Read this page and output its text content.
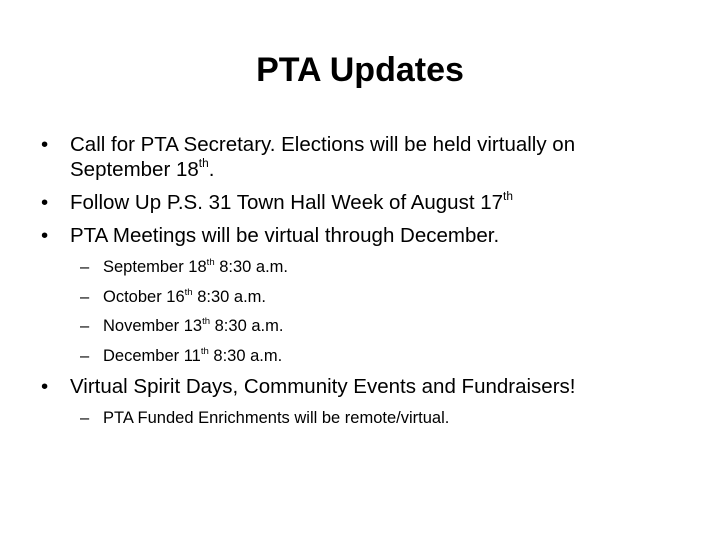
PTA Updates
• Call for PTA Secretary. Elections will be held virtually on September 18th.
• Follow Up P.S. 31 Town Hall Week of August 17th
• PTA Meetings will be virtual through December.
– September 18th 8:30 a.m.
– October 16th 8:30 a.m.
– November 13th 8:30 a.m.
– December 11th 8:30 a.m.
• Virtual Spirit Days, Community Events and Fundraisers!
– PTA Funded Enrichments will be remote/virtual.
